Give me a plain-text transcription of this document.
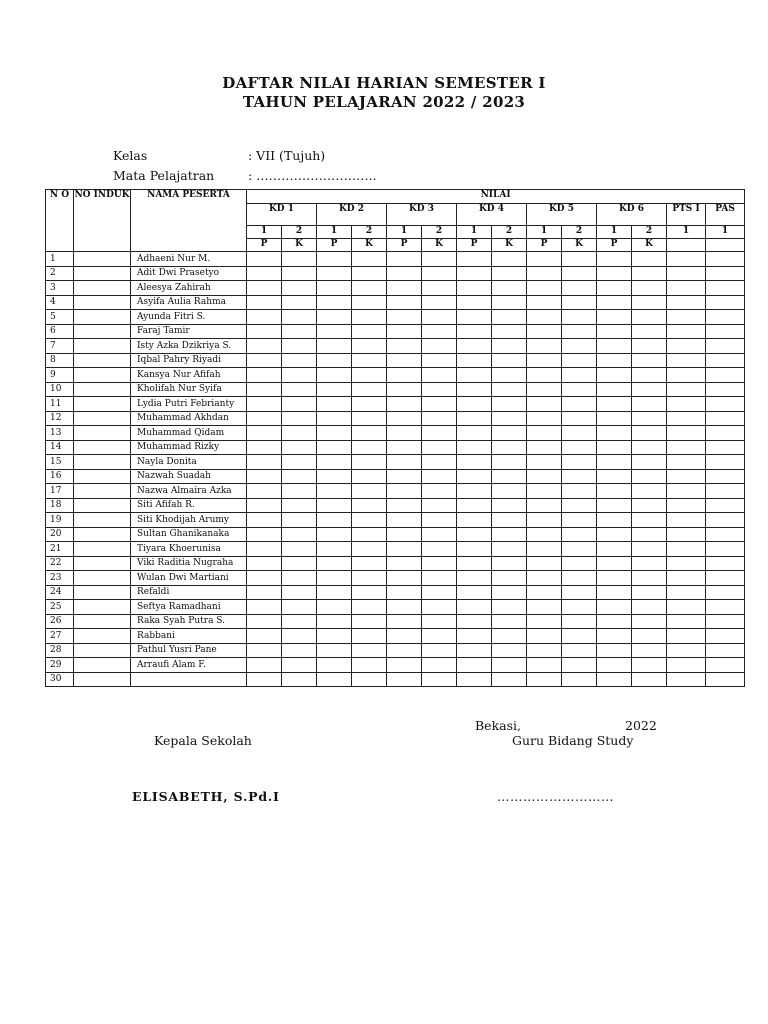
DAFTAR NILAI HARIAN SEMESTER I
TAHUN PELAJARAN 2022 / 2023
Kelas	: VII (Tujuh)
Mata Pelajatran	: ………………………..
N O	NO INDUK	NAMA PESERTA	NILAI													
			KD 1		KD 2		KD 3		KD 4		KD 5		KD 6		PTS I	PAS
			1	2	1	2	1	2	1	2	1	2	1	2	1	1
			P	K	P	K	P	K	P	K	P	K	P	K		
1		Adhaeni Nur M.														
2		Adit Dwi Prasetyo														
3		Aleesya Zahirah														
4		Asyifa Aulia Rahma														
5		Ayunda Fitri S.														
6		Faraj Tamir														
7		Isty Azka Dzikriya S.														
8		Iqbal Pahry Riyadi														
9		Kansya Nur Afifah														
10		Kholifah Nur Syifa														
11		Lydia Putri Febrianty														
12		Muhammad Akhdan														
13		Muhammad Qidam														
14		Muhammad Rizky														
15		Nayla Donita														
16		Nazwah Suadah														
17		Nazwa Almaira Azka														
18		Siti Afifah R.														
19		Siti Khodijah Arumy														
20		Sultan Ghanikanaka														
21		Tiyara Khoerunisa														
22		Viki Raditia Nugraha														
23		Wulan Dwi Martiani														
24		Refaldi														
25		Seftya Ramadhani														
26		Raka Syah Putra S.														
27		Rabbani														
28		Pathul Yusri Pane														
29		Arraufi Alam F.														
30																
Bekasi,	2022
Kepala Sekolah	Guru Bidang Study
ELISABETH, S.Pd.I	………………………
